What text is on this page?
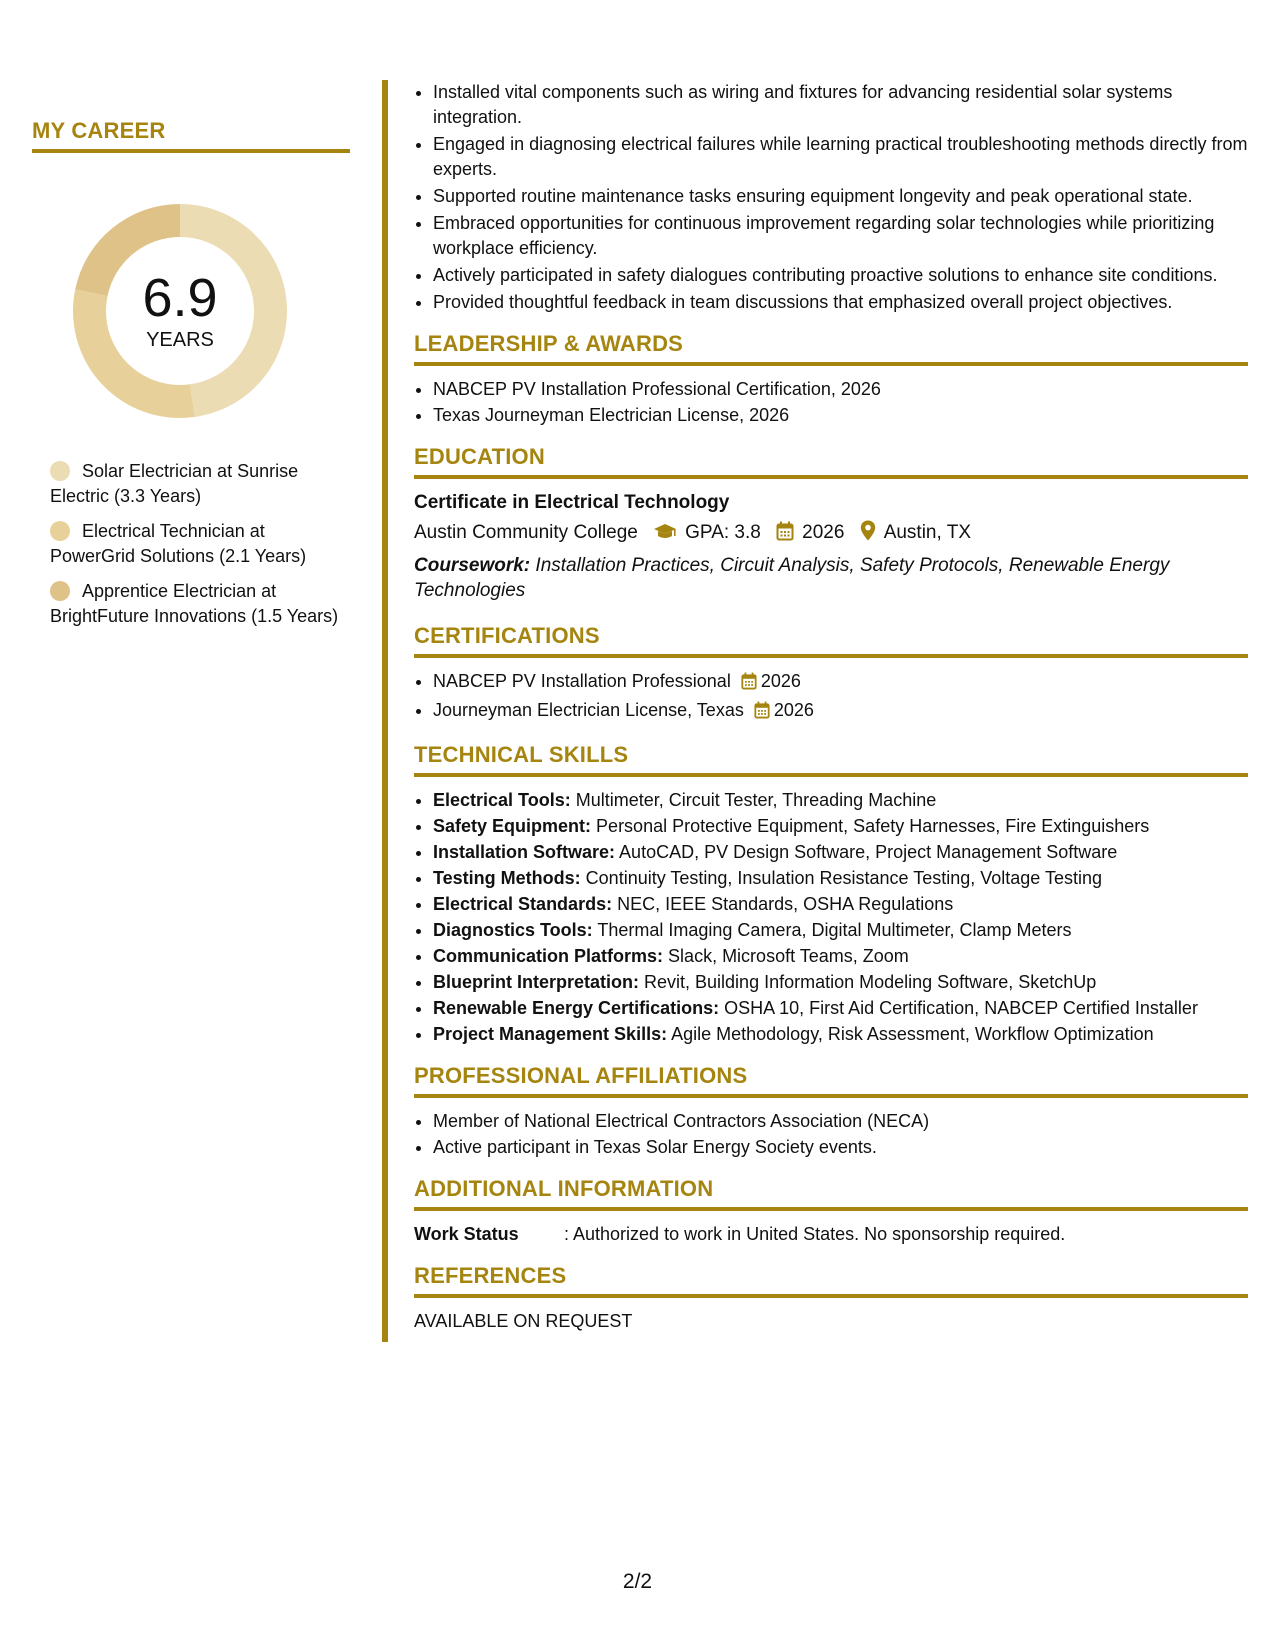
MY CAREER
6.9
YEARS
Solar Electrician at Sunrise Electric (3.3 Years)
Electrical Technician at PowerGrid Solutions (2.1 Years)
Apprentice Electrician at BrightFuture Innovations (1.5 Years)
• Installed vital components such as wiring and fixtures for advancing residential solar systems integration.
• Engaged in diagnosing electrical failures while learning practical troubleshooting methods directly from experts.
• Supported routine maintenance tasks ensuring equipment longevity and peak operational state.
• Embraced opportunities for continuous improvement regarding solar technologies while prioritizing workplace efficiency.
• Actively participated in safety dialogues contributing proactive solutions to enhance site conditions.
• Provided thoughtful feedback in team discussions that emphasized overall project objectives.
LEADERSHIP & AWARDS
• NABCEP PV Installation Professional Certification, 2026
• Texas Journeyman Electrician License, 2026
EDUCATION
Certificate in Electrical Technology
Austin Community College GPA: 3.8 2026 Austin, TX
Coursework: Installation Practices, Circuit Analysis, Safety Protocols, Renewable Energy Technologies
CERTIFICATIONS
• NABCEP PV Installation Professional 2026
• Journeyman Electrician License, Texas 2026
TECHNICAL SKILLS
• Electrical Tools: Multimeter, Circuit Tester, Threading Machine
• Safety Equipment: Personal Protective Equipment, Safety Harnesses, Fire Extinguishers
• Installation Software: AutoCAD, PV Design Software, Project Management Software
• Testing Methods: Continuity Testing, Insulation Resistance Testing, Voltage Testing
• Electrical Standards: NEC, IEEE Standards, OSHA Regulations
• Diagnostics Tools: Thermal Imaging Camera, Digital Multimeter, Clamp Meters
• Communication Platforms: Slack, Microsoft Teams, Zoom
• Blueprint Interpretation: Revit, Building Information Modeling Software, SketchUp
• Renewable Energy Certifications: OSHA 10, First Aid Certification, NABCEP Certified Installer
• Project Management Skills: Agile Methodology, Risk Assessment, Workflow Optimization
PROFESSIONAL AFFILIATIONS
• Member of National Electrical Contractors Association (NECA)
• Active participant in Texas Solar Energy Society events.
ADDITIONAL INFORMATION
Work Status	: Authorized to work in United States. No sponsorship required.
REFERENCES
AVAILABLE ON REQUEST
2/2
